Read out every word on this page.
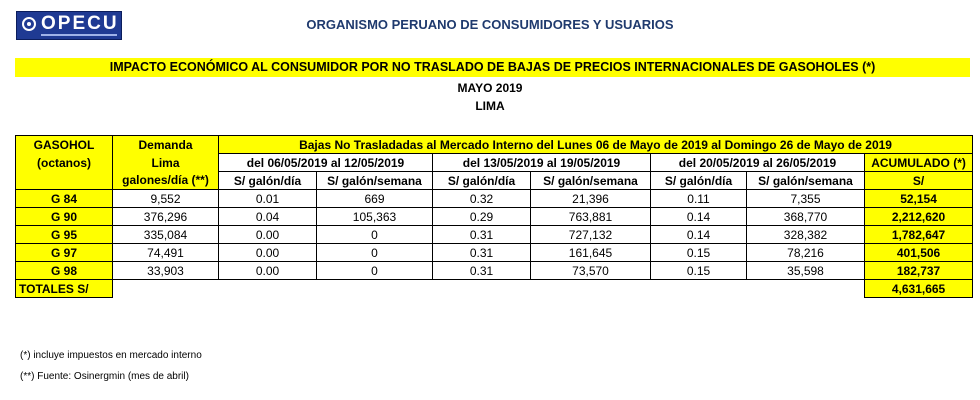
OPECU	ORGANISMO PERUANO DE CONSUMIDORES Y USUARIOS
IMPACTO ECONÓMICO AL CONSUMIDOR POR NO TRASLADO DE BAJAS DE PRECIOS INTERNACIONALES DE GASOHOLES (*)
MAYO 2019
LIMA
GASOHOL	Demanda	Bajas No Trasladadas al Mercado Interno del Lunes 06 de Mayo de 2019 al Domingo 26 de Mayo de 2019						
(octanos)	Lima	del 06/05/2019 al 12/05/2019		del 13/05/2019 al 19/05/2019		del 20/05/2019 al 26/05/2019		ACUMULADO (*)
	galones/día (**)	S/ galón/día	S/ galón/semana	S/ galón/día	S/ galón/semana	S/ galón/día	S/ galón/semana	S/
G 84	9,552	0.01	669	0.32	21,396	0.11	7,355	52,154
G 90	376,296	0.04	105,363	0.29	763,881	0.14	368,770	2,212,620
G 95	335,084	0.00	0	0.31	727,132	0.14	328,382	1,782,647
G 97	74,491	0.00	0	0.31	161,645	0.15	78,216	401,506
G 98	33,903	0.00	0	0.31	73,570	0.15	35,598	182,737
TOTALES S/								4,631,665
(*) incluye impuestos en mercado interno
(**) Fuente: Osinergmin (mes de abril)
